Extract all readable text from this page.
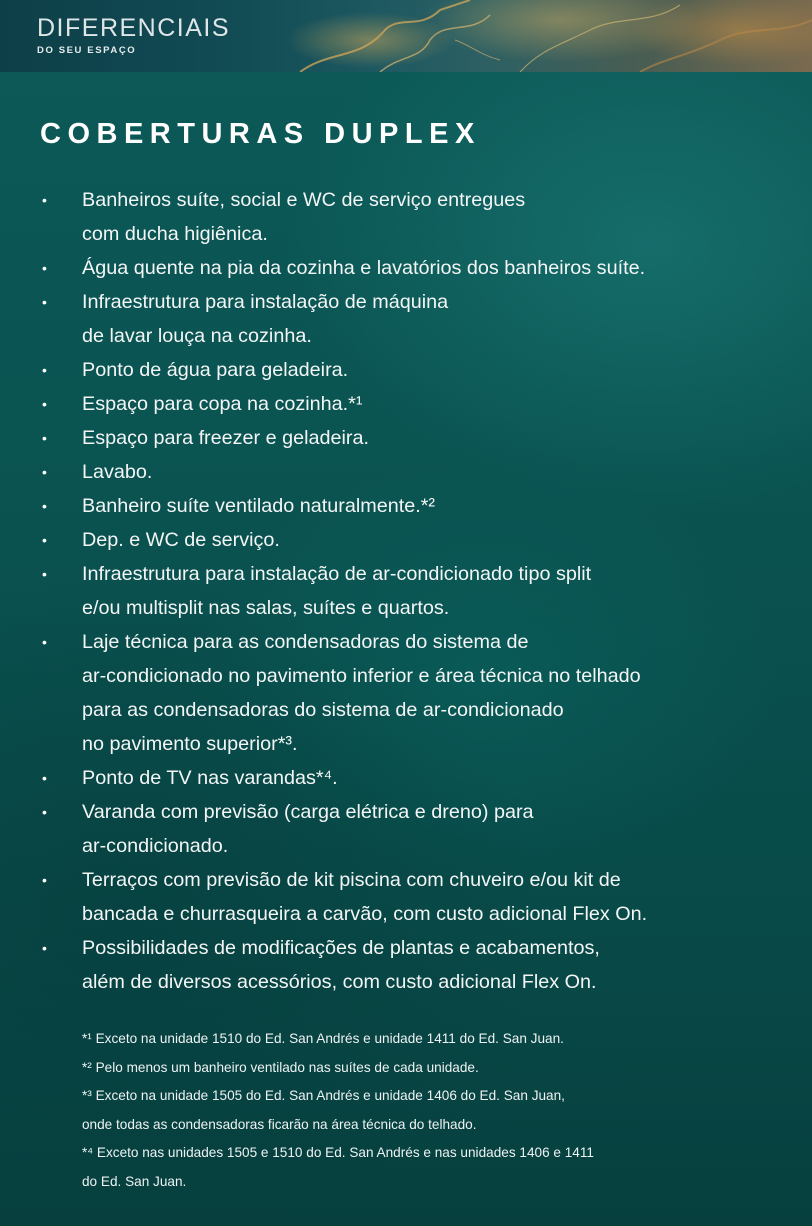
DIFERENCIAIS
DO SEU ESPAÇO
COBERTURAS DUPLEX
• Banheiros suíte, social e WC de serviço entregues
com ducha higiênica.
• Água quente na pia da cozinha e lavatórios dos banheiros suíte.
• Infraestrutura para instalação de máquina
de lavar louça na cozinha.
• Ponto de água para geladeira.
• Espaço para copa na cozinha.*¹
• Espaço para freezer e geladeira.
• Lavabo.
• Banheiro suíte ventilado naturalmente.*²
• Dep. e WC de serviço.
• Infraestrutura para instalação de ar-condicionado tipo split
e/ou multisplit nas salas, suítes e quartos.
• Laje técnica para as condensadoras do sistema de
ar-condicionado no pavimento inferior e área técnica no telhado
para as condensadoras do sistema de ar-condicionado
no pavimento superior*³.
• Ponto de TV nas varandas*⁴.
• Varanda com previsão (carga elétrica e dreno) para
ar-condicionado.
• Terraços com previsão de kit piscina com chuveiro e/ou kit de
bancada e churrasqueira a carvão, com custo adicional Flex On.
• Possibilidades de modificações de plantas e acabamentos,
além de diversos acessórios, com custo adicional Flex On.
*¹ Exceto na unidade 1510 do Ed. San Andrés e unidade 1411 do Ed. San Juan.
*² Pelo menos um banheiro ventilado nas suítes de cada unidade.
*³ Exceto na unidade 1505 do Ed. San Andrés e unidade 1406 do Ed. San Juan,
onde todas as condensadoras ficarão na área técnica do telhado.
*⁴ Exceto nas unidades 1505 e 1510 do Ed. San Andrés e nas unidades 1406 e 1411
do Ed. San Juan.
